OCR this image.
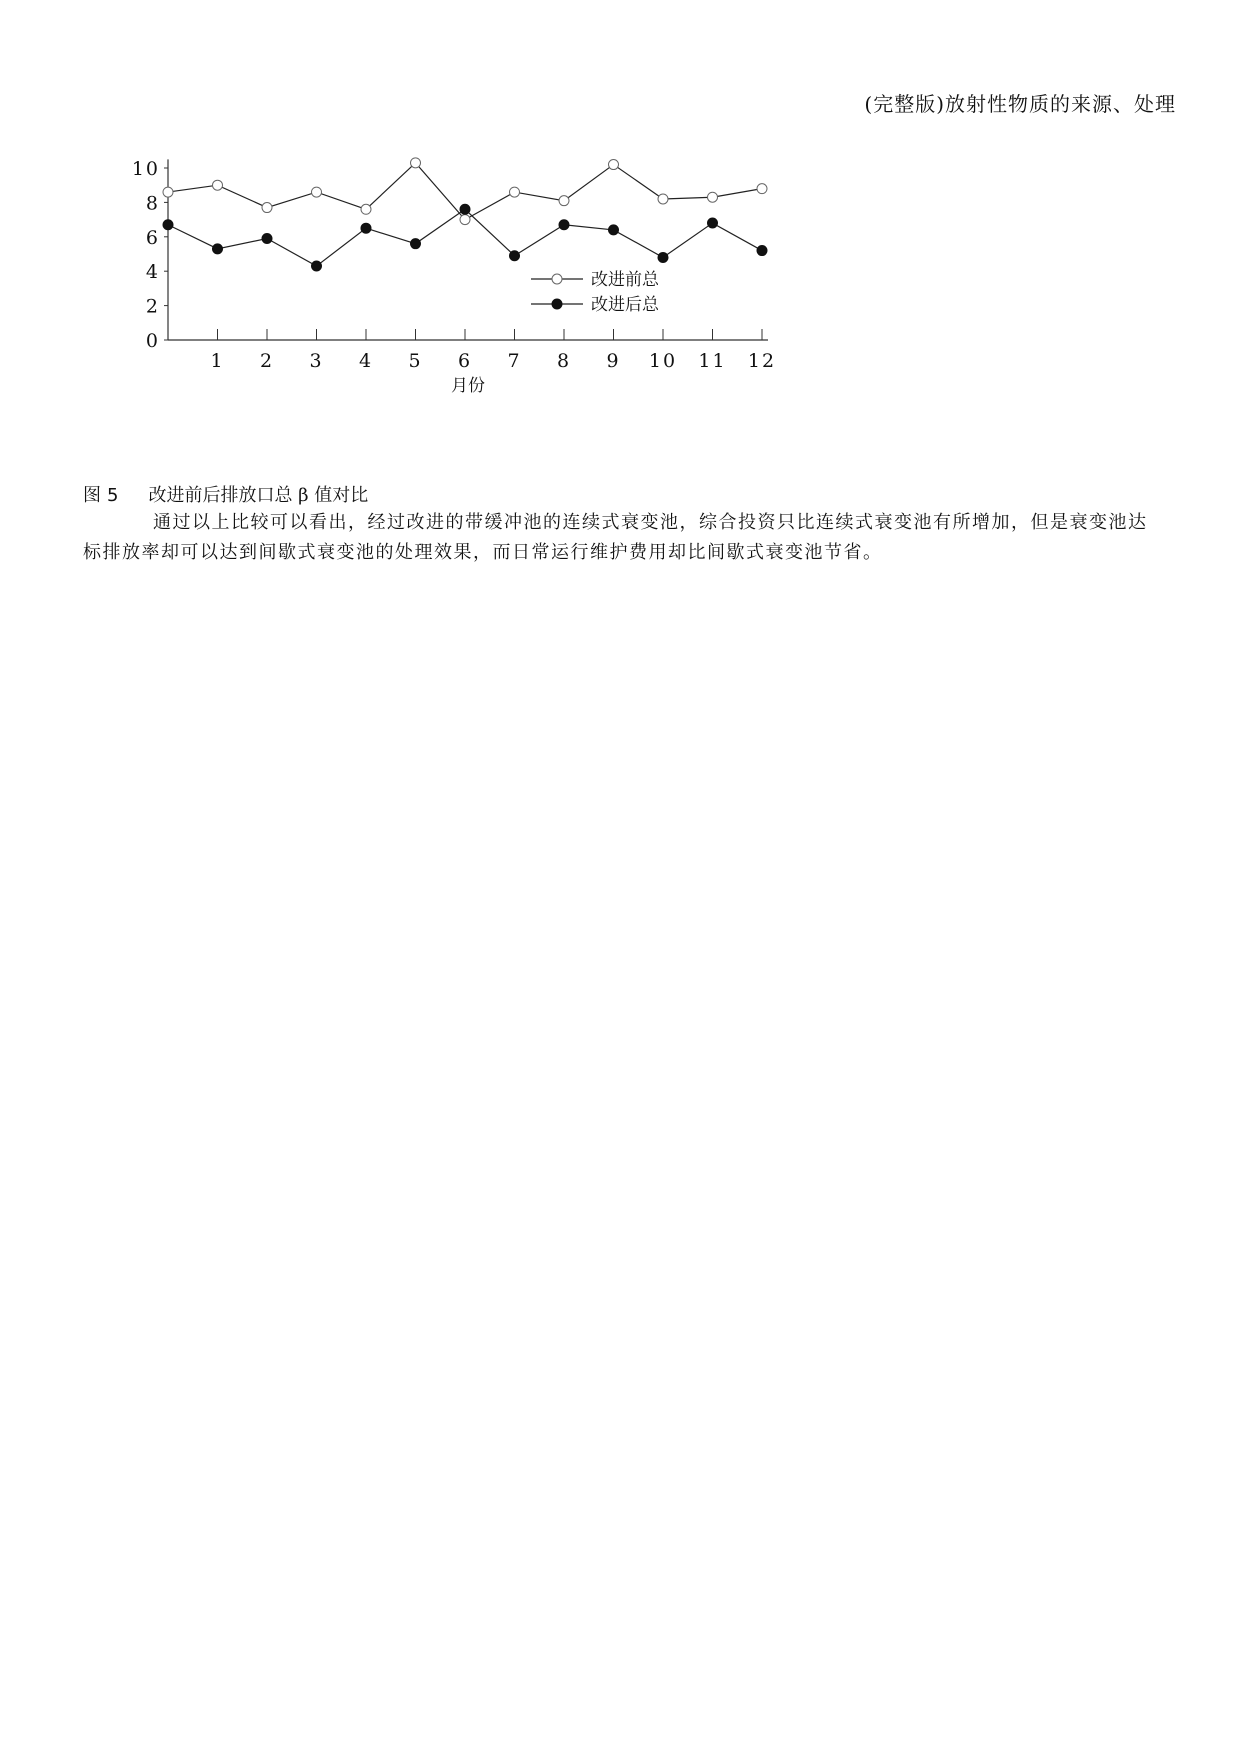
(完整版)放射性物质的来源、处理
0
2
4
6
8
10
1 2 3 4 5 6 7 8 9 10 11 12
月份
改进前总
改进后总
图 5 改进前后排放口总 β 值对比
通过以上比较可以看出，经过改进的带缓冲池的连续式衰变池，综合投资只比连续式衰变池有所增加，但是衰变池达标排放率却可以达到间歇式衰变池的处理效果，而日常运行维护费用却比间歇式衰变池节省。
